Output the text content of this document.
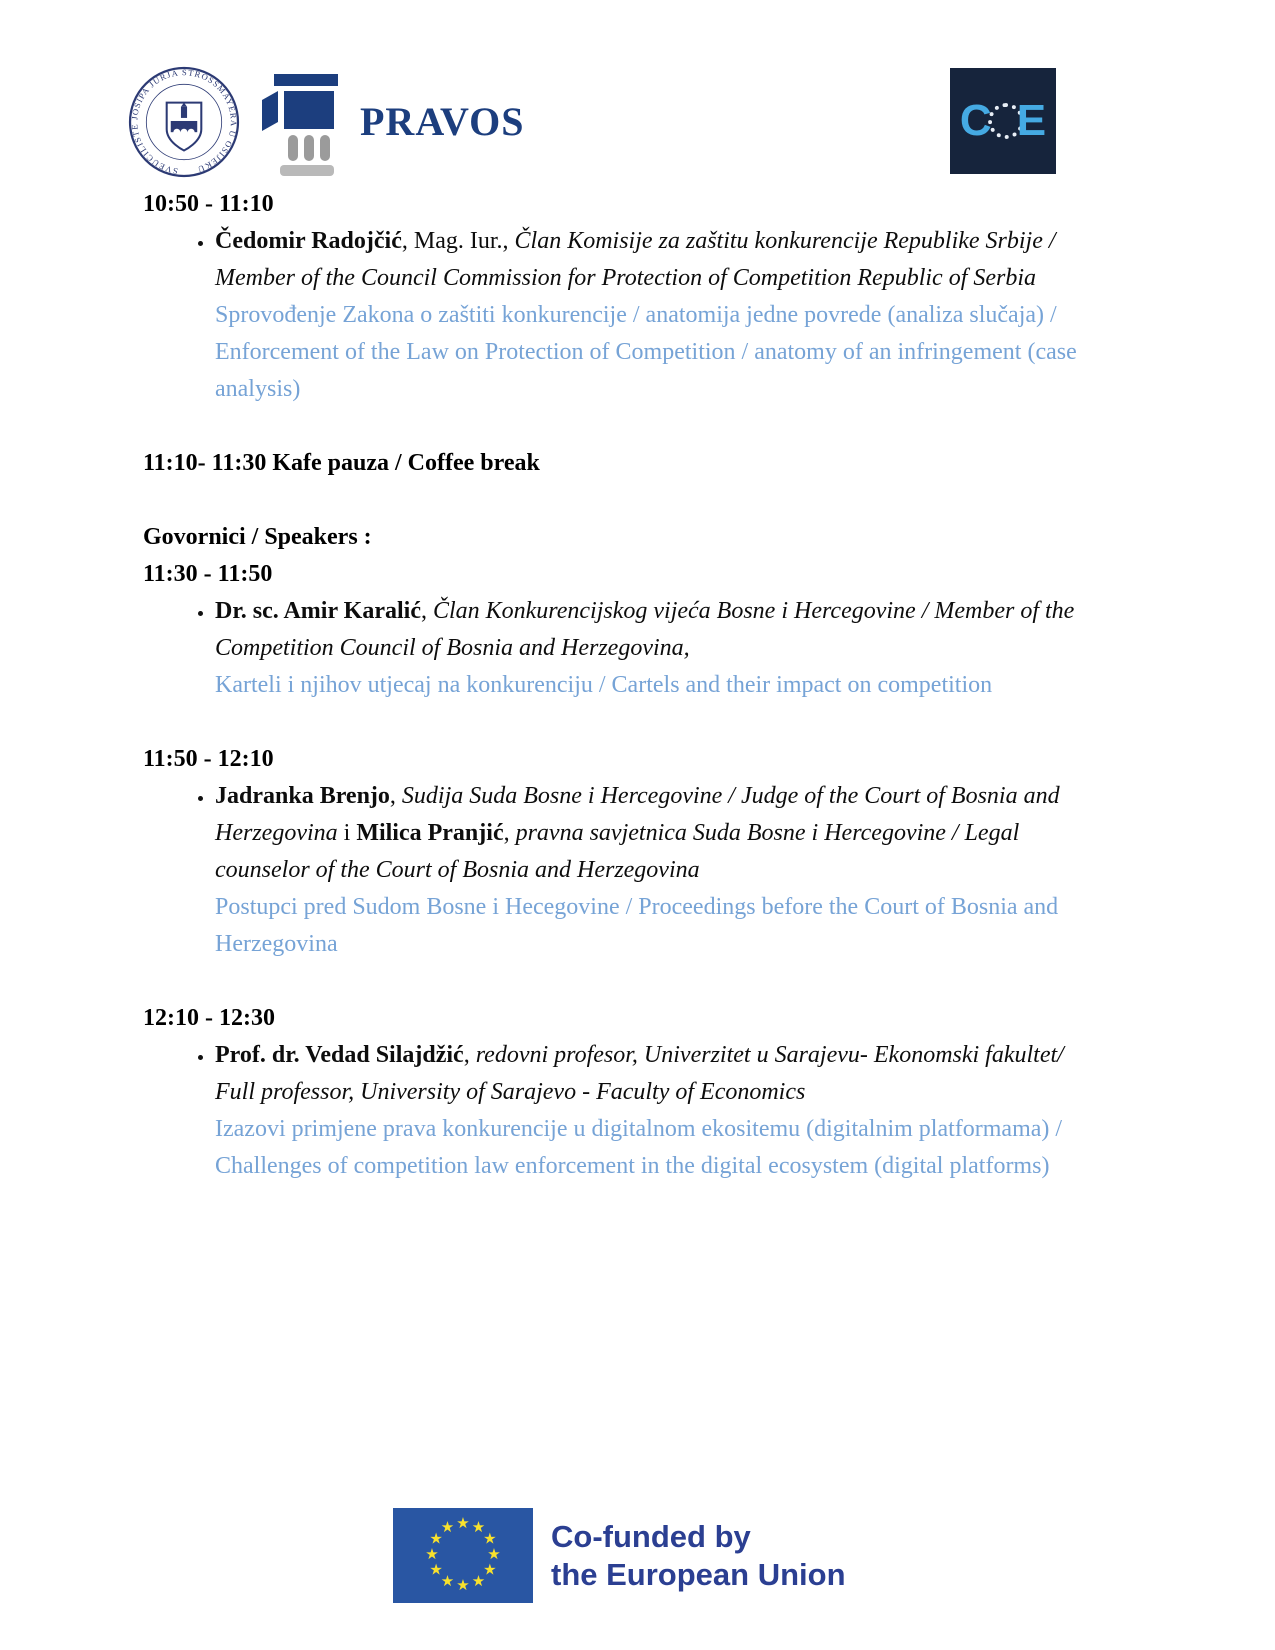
SVEUČILIŠTE JOSIPA JURJA STROSSMAYERA U OSIJEKU
PRAVOS	C E
10:50 - 11:10
• Čedomir Radojčić, Mag. Iur., Član Komisije za zaštitu konkurencije Republike Srbije / Member of the Council Commission for Protection of Competition Republic of Serbia
Sprovođenje Zakona o zaštiti konkurencije / anatomija jedne povrede (analiza slučaja) / Enforcement of the Law on Protection of Competition / anatomy of an infringement (case analysis)
11:10- 11:30 Kafe pauza / Coffee break
Govornici / Speakers :
11:30 - 11:50
• Dr. sc. Amir Karalić, Član Konkurencijskog vijeća Bosne i Hercegovine / Member of the Competition Council of Bosnia and Herzegovina,
Karteli i njihov utjecaj na konkurenciju / Cartels and their impact on competition
11:50 - 12:10
• Jadranka Brenjo, Sudija Suda Bosne i Hercegovine / Judge of the Court of Bosnia and Herzegovina i Milica Pranjić, pravna savjetnica Suda Bosne i Hercegovine / Legal counselor of the Court of Bosnia and Herzegovina
Postupci pred Sudom Bosne i Hecegovine / Proceedings before the Court of Bosnia and Herzegovina
12:10 - 12:30
• Prof. dr. Vedad Silajdžić, redovni profesor, Univerzitet u Sarajevu- Ekonomski fakultet/ Full professor, University of Sarajevo - Faculty of Economics
Izazovi primjene prava konkurencije u digitalnom ekositemu (digitalnim platformama) / Challenges of competition law enforcement in the digital ecosystem (digital platforms)
★ ★
★
★
★
★
★
★
★
★
★
★	Co-funded by
the European Union
